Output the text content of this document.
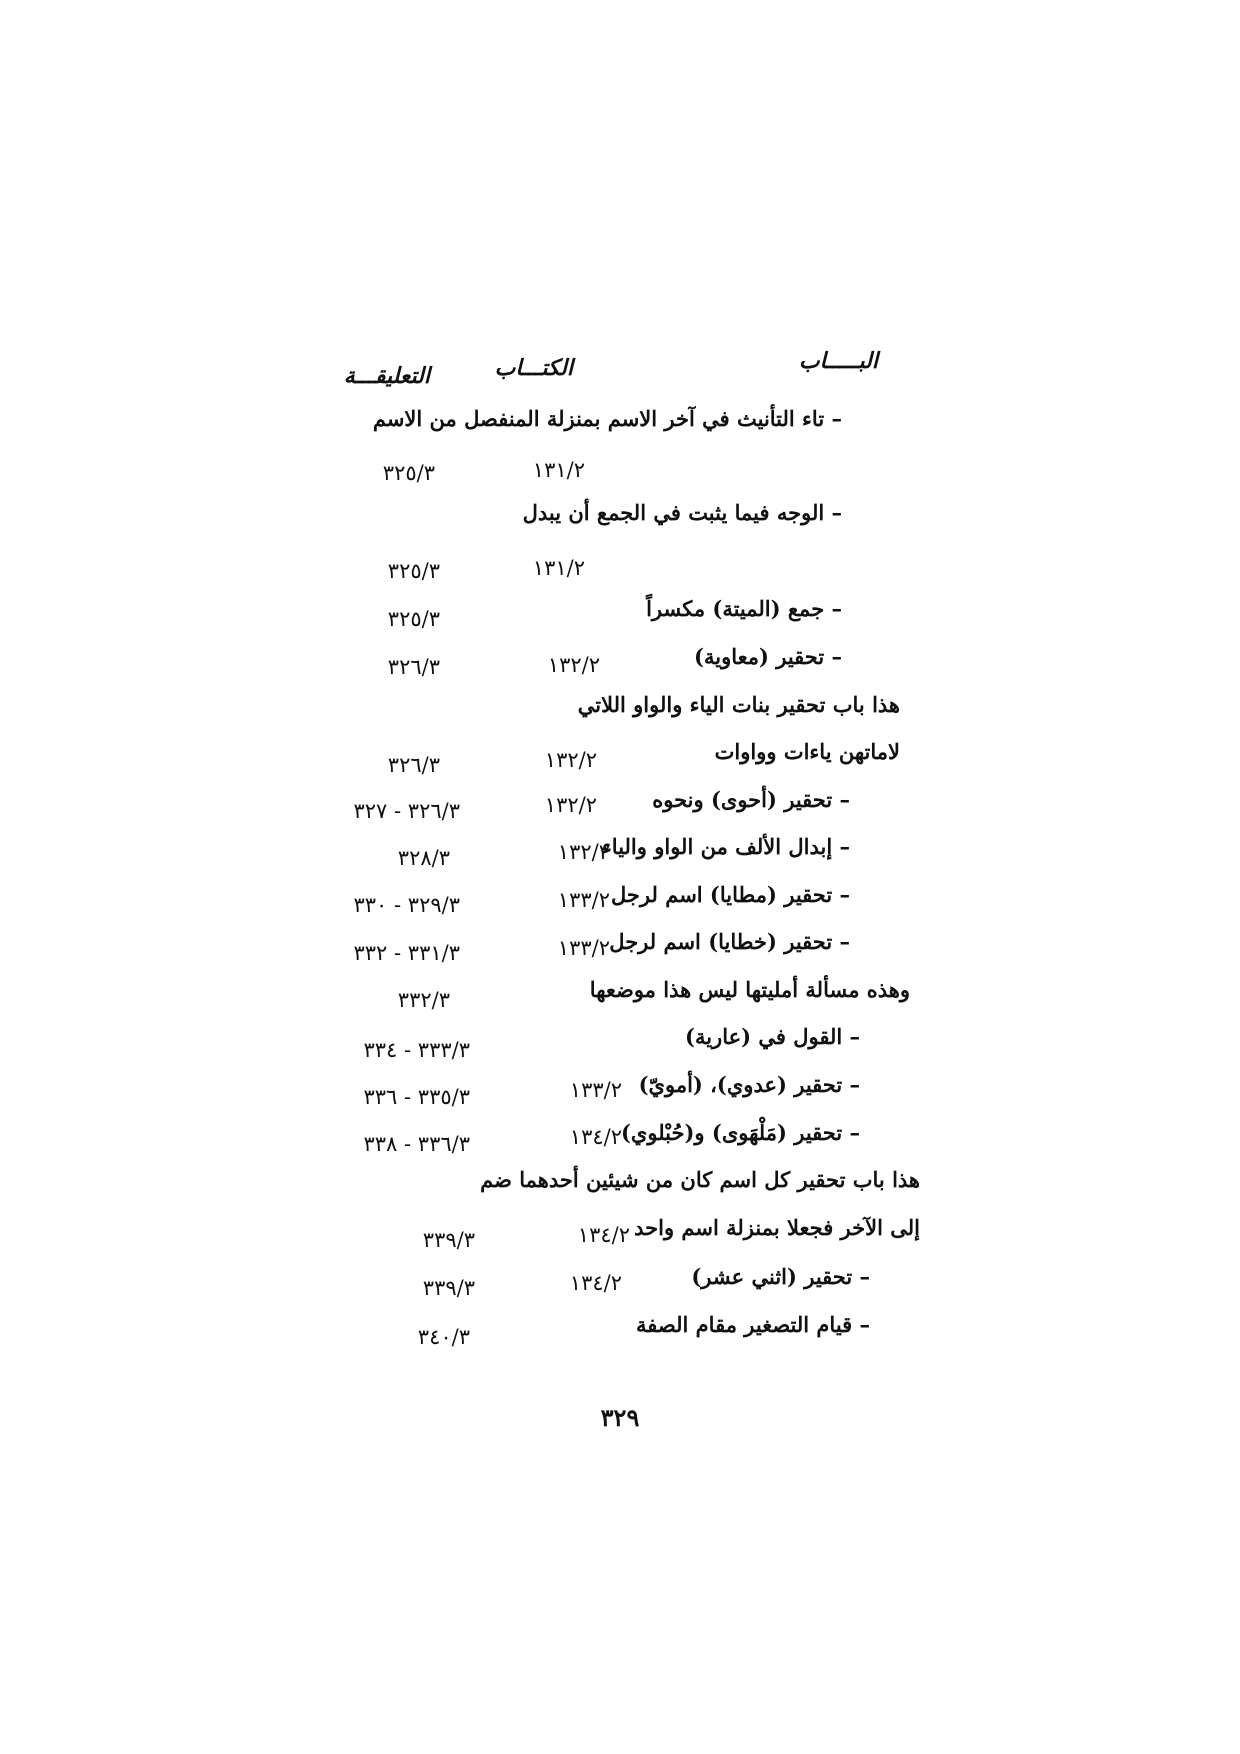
البـــــاب
الكتـــاب
التعليقـــة
– تاء التأنيث في آخر الاسم بمنزلة المنفصل من الاسم
١٣١/٢
٣٢٥/٣
– الوجه فيما يثبت في الجمع أن يبدل
١٣١/٢
٣٢٥/٣
– جمع (الميتة) مكسراً
٣٢٥/٣
– تحقير (معاوية)
١٣٢/٢
٣٢٦/٣
هذا باب تحقير بنات الياء والواو اللاتي
لاماتهن ياءات وواوات
١٣٢/٢
٣٢٦/٣
– تحقير (أحوى) ونحوه
١٣٢/٢
٣٢٦/٣ - ٣٢٧
– إبدال الألف من الواو والياء
١٣٢/٢
٣٢٨/٣
– تحقير (مطايا) اسم لرجل
١٣٣/٢
٣٢٩/٣ - ٣٣٠
– تحقير (خطايا) اسم لرجل
١٣٣/٢
٣٣١/٣ - ٣٣٢
وهذه مسألة أمليتها ليس هذا موضعها
٣٣٢/٣
– القول في (عارية)
٣٣٣/٣ - ٣٣٤
– تحقير (عدوي)، (أمويّ)
١٣٣/٢
٣٣٥/٣ - ٣٣٦
– تحقير (مَلْهَوى) و(حُبْلوي)
١٣٤/٢
٣٣٦/٣ - ٣٣٨
هذا باب تحقير كل اسم كان من شيئين أحدهما ضم
إلى الآخر فجعلا بمنزلة اسم واحد
١٣٤/٢
٣٣٩/٣
– تحقير (اثني عشر)
١٣٤/٢
٣٣٩/٣
– قيام التصغير مقام الصفة
٣٤٠/٣
٣٢٩
